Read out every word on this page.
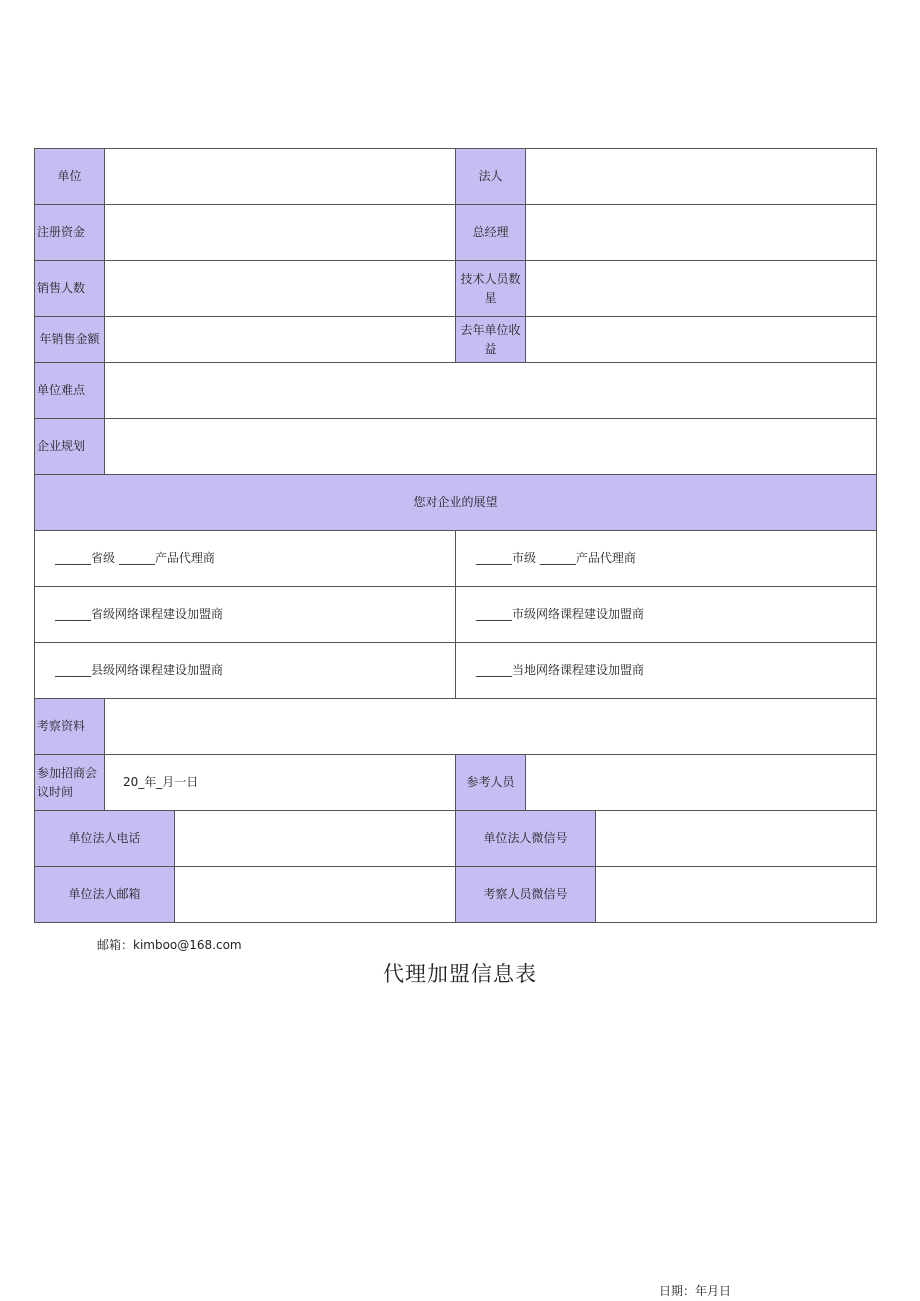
单位			法人		
注册资金			总经理		
销售人数			技术人员数星		
年销售金额			去年单位收益		
单位难点					
企业规划					
您对企业的展望					
______省级 ______产品代理商			______市级 ______产品代理商		
______省级网络课程建设加盟商			______市级网络课程建设加盟商		
______县级网络课程建设加盟商			______当地网络课程建设加盟商		
考察资料					
参加招商会议时间	20_年_月一日		参考人员		
单位法人电话			单位法人微信号		
单位法人邮箱			考察人员微信号		
邮箱：kimboo@168.com
代理加盟信息表
日期：年月日
